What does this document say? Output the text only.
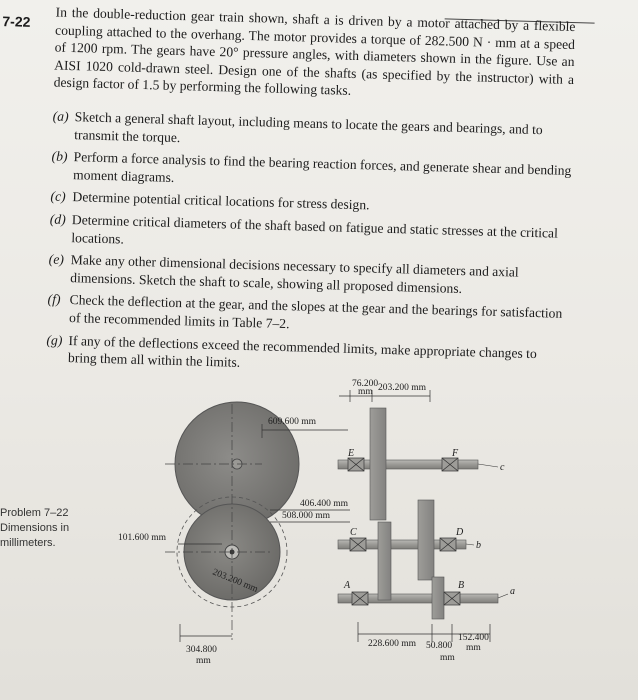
7-22 In the double-reduction gear train shown, shaft a is driven by a motor attached by a flexible coupling attached to the overhang. The motor provides a torque of 282.500 N · mm at a speed of 1200 rpm. The gears have 20° pressure angles, with diameters shown in the figure. Use an AISI 1020 cold-drawn steel. Design one of the shafts (as specified by the instructor) with a design factor of 1.5 by performing the following tasks.
(a) Sketch a general shaft layout, including means to locate the gears and bearings, and to transmit the torque.
(b) Perform a force analysis to find the bearing reaction forces, and generate shear and bending moment diagrams.
(c) Determine potential critical locations for stress design.
(d) Determine critical diameters of the shaft based on fatigue and static stresses at the critical locations.
(e) Make any other dimensional decisions necessary to specify all diameters and axial dimensions. Sketch the shaft to scale, showing all proposed dimensions.
(f) Check the deflection at the gear, and the slopes at the gear and the bearings for satisfaction of the recommended limits in Table 7–2.
(g) If any of the deflections exceed the recommended limits, make appropriate changes to bring them all within the limits.
Problem 7–22
Dimensions in
millimeters.
76.200
mm 203.200 mm
609.600 mm
406.400 mm
508.000 mm
101.600 mm
203.200 mm
304.800
mm
228.600 mm 50.800
152.400
mm
mm
E	F
c
C	D
b
A	B
a
